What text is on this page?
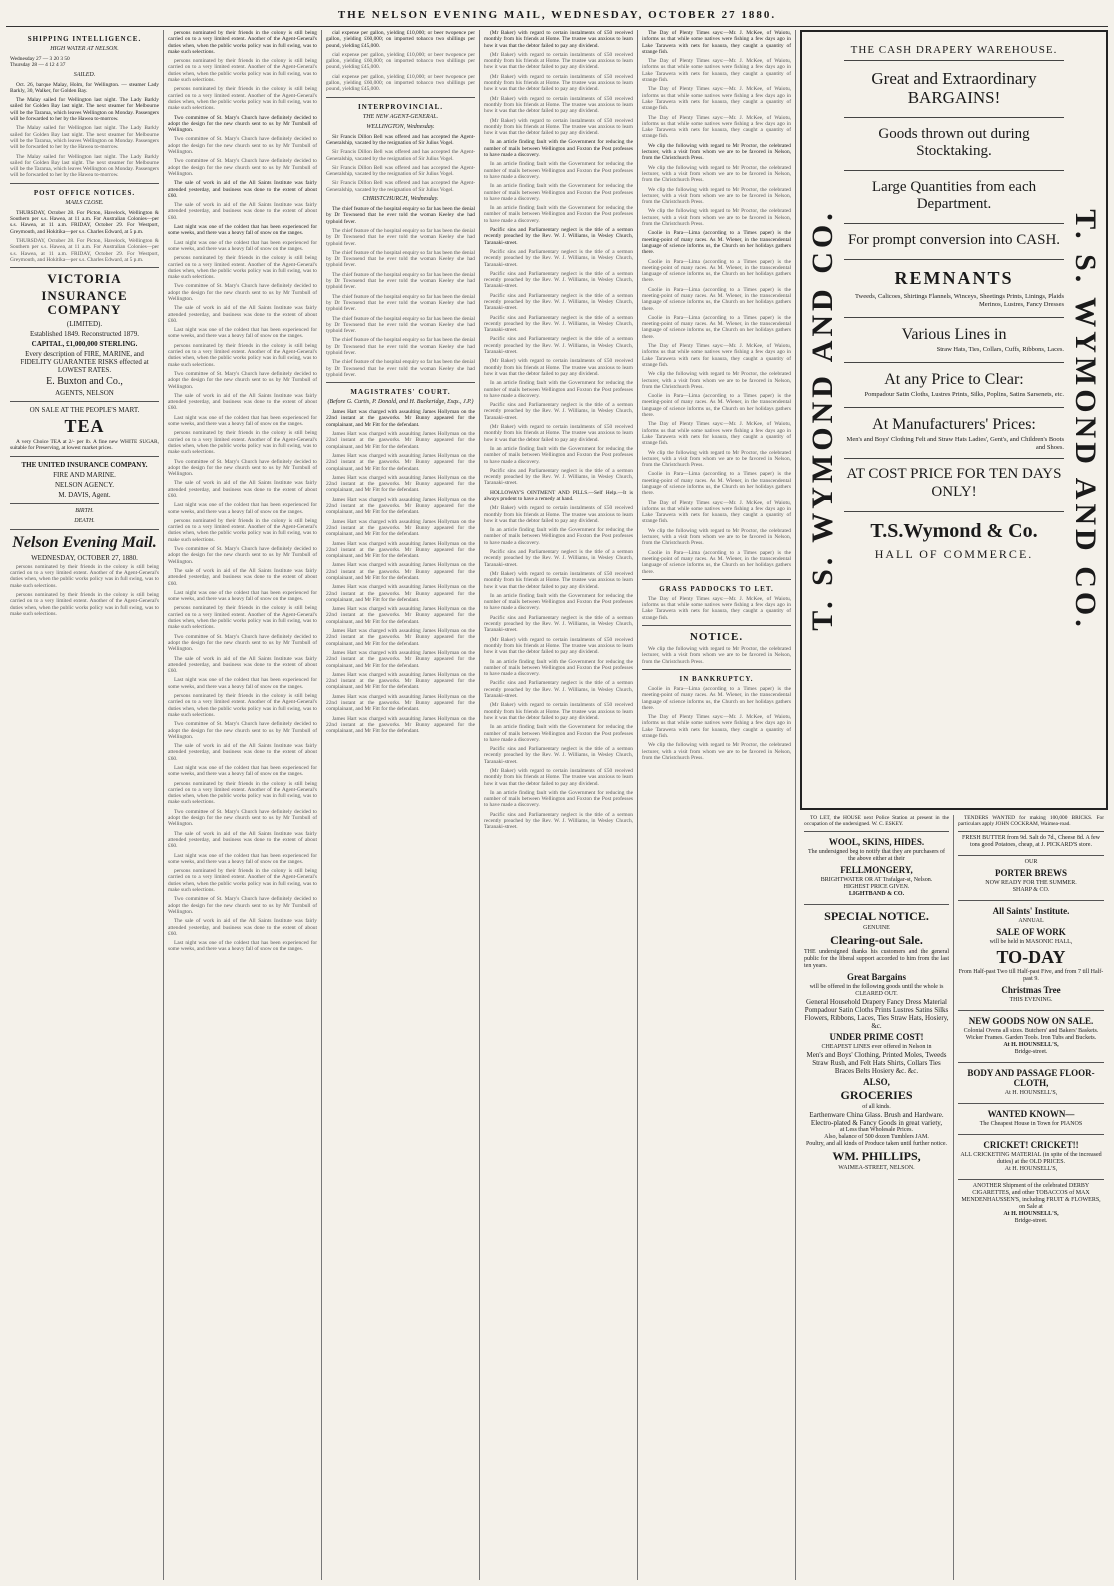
THE NELSON EVENING MAIL, WEDNESDAY, OCTOBER 27 1880.
SHIPPING INTELLIGENCE.
HIGH WATER AT NELSON.
Wednesday 27 — 3 20 3 50
Thursday 28 — 4 12 4 37
SAILED.

Oct. 26, barque Malay, Holm, for Wellington. — steamer Lady Barkly, 30, Walker, for Golden Bay.

The Malay sailed for Wellington last night. The Lady Barkly sailed for Golden Bay last night. The next steamer for Melbourne will be the Tararua, which leaves Wellington on Monday. Passengers will be forwarded to her by the Hawea to-morrow.

The Malay sailed for Wellington last night. The Lady Barkly sailed for Golden Bay last night. The next steamer for Melbourne will be the Tararua, which leaves Wellington on Monday. Passengers will be forwarded to her by the Hawea to-morrow.

The Malay sailed for Wellington last night. The Lady Barkly sailed for Golden Bay last night. The next steamer for Melbourne will be the Tararua, which leaves Wellington on Monday. Passengers will be forwarded to her by the Hawea to-morrow.

POST OFFICE NOTICES.
MAILS CLOSE.

THURSDAY, October 28. For Picton, Havelock, Wellington & Southern per s.s. Hawea, at 11 a.m. For Australian Colonies—per s.s. Hawea, at 11 a.m. FRIDAY, October 29. For Westport, Greymouth, and Hokitika—per s.s. Charles Edward, at 5 p.m.

THURSDAY, October 28. For Picton, Havelock, Wellington & Southern per s.s. Hawea, at 11 a.m. For Australian Colonies—per s.s. Hawea, at 11 a.m. FRIDAY, October 29. For Westport, Greymouth, and Hokitika—per s.s. Charles Edward, at 5 p.m.

VICTORIA
INSURANCE COMPANY
(LIMITED).
Established 1849. Reconstructed 1879.
CAPITAL, £1,000,000 STERLING.
Every description of FIRE, MARINE, and FIDELITY GUARANTEE RISKS effected at LOWEST RATES.
E. Buxton and Co.,
AGENTS, NELSON
ON SALE AT THE PEOPLE'S MART.
TEA

A very Choice TEA at 2/- per lb. A fine new WHITE SUGAR, suitable for Preserving, at lowest market prices.

THE UNITED INSURANCE COMPANY.
FIRE AND MARINE.
NELSON AGENCY.
M. DAVIS, Agent.
BIRTH.
DEATH.
Nelson Evening Mail.
WEDNESDAY, OCTOBER 27, 1880.

persons nominated by their friends in the colony is still being carried on to a very limited extent. Another of the Agent-General's duties when, when the public works policy was in full swing, was to make such selections.

persons nominated by their friends in the colony is still being carried on to a very limited extent. Another of the Agent-General's duties when, when the public works policy was in full swing, was to make such selections.

persons nominated by their friends in the colony is still being carried on to a very limited extent. Another of the Agent-General's duties when, when the public works policy was in full swing, was to make such selections.

persons nominated by their friends in the colony is still being carried on to a very limited extent. Another of the Agent-General's duties when, when the public works policy was in full swing, was to make such selections.

persons nominated by their friends in the colony is still being carried on to a very limited extent. Another of the Agent-General's duties when, when the public works policy was in full swing, was to make such selections.

Two committee of St. Mary's Church have definitely decided to adopt the design for the new church sent to us by Mr Turnbull of Wellington.

Two committee of St. Mary's Church have definitely decided to adopt the design for the new church sent to us by Mr Turnbull of Wellington.

Two committee of St. Mary's Church have definitely decided to adopt the design for the new church sent to us by Mr Turnbull of Wellington.

The sale of work in aid of the All Saints Institute was fairly attended yesterday, and business was done to the extent of about £60.

The sale of work in aid of the All Saints Institute was fairly attended yesterday, and business was done to the extent of about £60.

Last night was one of the coldest that has been experienced for some weeks, and there was a heavy fall of snow on the ranges.

Last night was one of the coldest that has been experienced for some weeks, and there was a heavy fall of snow on the ranges.

persons nominated by their friends in the colony is still being carried on to a very limited extent. Another of the Agent-General's duties when, when the public works policy was in full swing, was to make such selections.

Two committee of St. Mary's Church have definitely decided to adopt the design for the new church sent to us by Mr Turnbull of Wellington.

The sale of work in aid of the All Saints Institute was fairly attended yesterday, and business was done to the extent of about £60.

Last night was one of the coldest that has been experienced for some weeks, and there was a heavy fall of snow on the ranges.

persons nominated by their friends in the colony is still being carried on to a very limited extent. Another of the Agent-General's duties when, when the public works policy was in full swing, was to make such selections.

Two committee of St. Mary's Church have definitely decided to adopt the design for the new church sent to us by Mr Turnbull of Wellington.

The sale of work in aid of the All Saints Institute was fairly attended yesterday, and business was done to the extent of about £60.

Last night was one of the coldest that has been experienced for some weeks, and there was a heavy fall of snow on the ranges.

persons nominated by their friends in the colony is still being carried on to a very limited extent. Another of the Agent-General's duties when, when the public works policy was in full swing, was to make such selections.

Two committee of St. Mary's Church have definitely decided to adopt the design for the new church sent to us by Mr Turnbull of Wellington.

The sale of work in aid of the All Saints Institute was fairly attended yesterday, and business was done to the extent of about £60.

Last night was one of the coldest that has been experienced for some weeks, and there was a heavy fall of snow on the ranges.

persons nominated by their friends in the colony is still being carried on to a very limited extent. Another of the Agent-General's duties when, when the public works policy was in full swing, was to make such selections.

Two committee of St. Mary's Church have definitely decided to adopt the design for the new church sent to us by Mr Turnbull of Wellington.

The sale of work in aid of the All Saints Institute was fairly attended yesterday, and business was done to the extent of about £60.

Last night was one of the coldest that has been experienced for some weeks, and there was a heavy fall of snow on the ranges.

persons nominated by their friends in the colony is still being carried on to a very limited extent. Another of the Agent-General's duties when, when the public works policy was in full swing, was to make such selections.

Two committee of St. Mary's Church have definitely decided to adopt the design for the new church sent to us by Mr Turnbull of Wellington.

The sale of work in aid of the All Saints Institute was fairly attended yesterday, and business was done to the extent of about £60.

Last night was one of the coldest that has been experienced for some weeks, and there was a heavy fall of snow on the ranges.

persons nominated by their friends in the colony is still being carried on to a very limited extent. Another of the Agent-General's duties when, when the public works policy was in full swing, was to make such selections.

Two committee of St. Mary's Church have definitely decided to adopt the design for the new church sent to us by Mr Turnbull of Wellington.

The sale of work in aid of the All Saints Institute was fairly attended yesterday, and business was done to the extent of about £60.

Last night was one of the coldest that has been experienced for some weeks, and there was a heavy fall of snow on the ranges.

persons nominated by their friends in the colony is still being carried on to a very limited extent. Another of the Agent-General's duties when, when the public works policy was in full swing, was to make such selections.

Two committee of St. Mary's Church have definitely decided to adopt the design for the new church sent to us by Mr Turnbull of Wellington.

The sale of work in aid of the All Saints Institute was fairly attended yesterday, and business was done to the extent of about £60.

Last night was one of the coldest that has been experienced for some weeks, and there was a heavy fall of snow on the ranges.

persons nominated by their friends in the colony is still being carried on to a very limited extent. Another of the Agent-General's duties when, when the public works policy was in full swing, was to make such selections.

Two committee of St. Mary's Church have definitely decided to adopt the design for the new church sent to us by Mr Turnbull of Wellington.

The sale of work in aid of the All Saints Institute was fairly attended yesterday, and business was done to the extent of about £60.

Last night was one of the coldest that has been experienced for some weeks, and there was a heavy fall of snow on the ranges.

cial expense per gallon, yielding £10,000; or beer twopence per gallon, yielding £60,000; on imported tobacco two shillings per pound, yielding £45,000.

cial expense per gallon, yielding £10,000; or beer twopence per gallon, yielding £60,000; on imported tobacco two shillings per pound, yielding £45,000.

cial expense per gallon, yielding £10,000; or beer twopence per gallon, yielding £60,000; on imported tobacco two shillings per pound, yielding £45,000.

INTERPROVINCIAL.
THE NEW AGENT-GENERAL.
WELLINGTON, Wednesday.

Sir Francis Dillon Bell was offered and has accepted the Agent-Generalship, vacated by the resignation of Sir Julius Vogel.

Sir Francis Dillon Bell was offered and has accepted the Agent-Generalship, vacated by the resignation of Sir Julius Vogel.

Sir Francis Dillon Bell was offered and has accepted the Agent-Generalship, vacated by the resignation of Sir Julius Vogel.

Sir Francis Dillon Bell was offered and has accepted the Agent-Generalship, vacated by the resignation of Sir Julius Vogel.

CHRISTCHURCH, Wednesday.

The chief feature of the hospital enquiry so far has been the denial by Dr Townsend that he ever told the woman Keeley she had typhoid fever.

The chief feature of the hospital enquiry so far has been the denial by Dr Townsend that he ever told the woman Keeley she had typhoid fever.

The chief feature of the hospital enquiry so far has been the denial by Dr Townsend that he ever told the woman Keeley she had typhoid fever.

The chief feature of the hospital enquiry so far has been the denial by Dr Townsend that he ever told the woman Keeley she had typhoid fever.

The chief feature of the hospital enquiry so far has been the denial by Dr Townsend that he ever told the woman Keeley she had typhoid fever.

The chief feature of the hospital enquiry so far has been the denial by Dr Townsend that he ever told the woman Keeley she had typhoid fever.

The chief feature of the hospital enquiry so far has been the denial by Dr Townsend that he ever told the woman Keeley she had typhoid fever.

The chief feature of the hospital enquiry so far has been the denial by Dr Townsend that he ever told the woman Keeley she had typhoid fever.

MAGISTRATES' COURT.
(Before G. Curtis, P. Donald, and H. Buckeridge, Esqs., J.P.)

James Hart was charged with assaulting James Hollyman on the 22nd instant at the gasworks. Mr Bunny appeared for the complainant, and Mr Fitt for the defendant.

James Hart was charged with assaulting James Hollyman on the 22nd instant at the gasworks. Mr Bunny appeared for the complainant, and Mr Fitt for the defendant.

James Hart was charged with assaulting James Hollyman on the 22nd instant at the gasworks. Mr Bunny appeared for the complainant, and Mr Fitt for the defendant.

James Hart was charged with assaulting James Hollyman on the 22nd instant at the gasworks. Mr Bunny appeared for the complainant, and Mr Fitt for the defendant.

James Hart was charged with assaulting James Hollyman on the 22nd instant at the gasworks. Mr Bunny appeared for the complainant, and Mr Fitt for the defendant.

James Hart was charged with assaulting James Hollyman on the 22nd instant at the gasworks. Mr Bunny appeared for the complainant, and Mr Fitt for the defendant.

James Hart was charged with assaulting James Hollyman on the 22nd instant at the gasworks. Mr Bunny appeared for the complainant, and Mr Fitt for the defendant.

James Hart was charged with assaulting James Hollyman on the 22nd instant at the gasworks. Mr Bunny appeared for the complainant, and Mr Fitt for the defendant.

James Hart was charged with assaulting James Hollyman on the 22nd instant at the gasworks. Mr Bunny appeared for the complainant, and Mr Fitt for the defendant.

James Hart was charged with assaulting James Hollyman on the 22nd instant at the gasworks. Mr Bunny appeared for the complainant, and Mr Fitt for the defendant.

James Hart was charged with assaulting James Hollyman on the 22nd instant at the gasworks. Mr Bunny appeared for the complainant, and Mr Fitt for the defendant.

James Hart was charged with assaulting James Hollyman on the 22nd instant at the gasworks. Mr Bunny appeared for the complainant, and Mr Fitt for the defendant.

James Hart was charged with assaulting James Hollyman on the 22nd instant at the gasworks. Mr Bunny appeared for the complainant, and Mr Fitt for the defendant.

James Hart was charged with assaulting James Hollyman on the 22nd instant at the gasworks. Mr Bunny appeared for the complainant, and Mr Fitt for the defendant.

James Hart was charged with assaulting James Hollyman on the 22nd instant at the gasworks. Mr Bunny appeared for the complainant, and Mr Fitt for the defendant.

(Mr Baker) with regard to certain instalments of £50 received monthly from his friends at Home. The trustee was anxious to learn how it was that the debtor failed to pay any dividend.

(Mr Baker) with regard to certain instalments of £50 received monthly from his friends at Home. The trustee was anxious to learn how it was that the debtor failed to pay any dividend.

(Mr Baker) with regard to certain instalments of £50 received monthly from his friends at Home. The trustee was anxious to learn how it was that the debtor failed to pay any dividend.

(Mr Baker) with regard to certain instalments of £50 received monthly from his friends at Home. The trustee was anxious to learn how it was that the debtor failed to pay any dividend.

(Mr Baker) with regard to certain instalments of £50 received monthly from his friends at Home. The trustee was anxious to learn how it was that the debtor failed to pay any dividend.

In an article finding fault with the Government for reducing the number of mails between Wellington and Foxton the Post professes to have made a discovery.

In an article finding fault with the Government for reducing the number of mails between Wellington and Foxton the Post professes to have made a discovery.

In an article finding fault with the Government for reducing the number of mails between Wellington and Foxton the Post professes to have made a discovery.

In an article finding fault with the Government for reducing the number of mails between Wellington and Foxton the Post professes to have made a discovery.

Pacific sins and Parliamentary neglect is the title of a sermon recently preached by the Rev. W. J. Williams, in Wesley Church, Taranaki-street.

Pacific sins and Parliamentary neglect is the title of a sermon recently preached by the Rev. W. J. Williams, in Wesley Church, Taranaki-street.

Pacific sins and Parliamentary neglect is the title of a sermon recently preached by the Rev. W. J. Williams, in Wesley Church, Taranaki-street.

Pacific sins and Parliamentary neglect is the title of a sermon recently preached by the Rev. W. J. Williams, in Wesley Church, Taranaki-street.

Pacific sins and Parliamentary neglect is the title of a sermon recently preached by the Rev. W. J. Williams, in Wesley Church, Taranaki-street.

Pacific sins and Parliamentary neglect is the title of a sermon recently preached by the Rev. W. J. Williams, in Wesley Church, Taranaki-street.

(Mr Baker) with regard to certain instalments of £50 received monthly from his friends at Home. The trustee was anxious to learn how it was that the debtor failed to pay any dividend.

In an article finding fault with the Government for reducing the number of mails between Wellington and Foxton the Post professes to have made a discovery.

Pacific sins and Parliamentary neglect is the title of a sermon recently preached by the Rev. W. J. Williams, in Wesley Church, Taranaki-street.

(Mr Baker) with regard to certain instalments of £50 received monthly from his friends at Home. The trustee was anxious to learn how it was that the debtor failed to pay any dividend.

In an article finding fault with the Government for reducing the number of mails between Wellington and Foxton the Post professes to have made a discovery.

Pacific sins and Parliamentary neglect is the title of a sermon recently preached by the Rev. W. J. Williams, in Wesley Church, Taranaki-street.

HOLLOWAY'S OINTMENT AND PILLS.—Self Help.—It is always prudent to have a remedy at hand.

(Mr Baker) with regard to certain instalments of £50 received monthly from his friends at Home. The trustee was anxious to learn how it was that the debtor failed to pay any dividend.

In an article finding fault with the Government for reducing the number of mails between Wellington and Foxton the Post professes to have made a discovery.

Pacific sins and Parliamentary neglect is the title of a sermon recently preached by the Rev. W. J. Williams, in Wesley Church, Taranaki-street.

(Mr Baker) with regard to certain instalments of £50 received monthly from his friends at Home. The trustee was anxious to learn how it was that the debtor failed to pay any dividend.

In an article finding fault with the Government for reducing the number of mails between Wellington and Foxton the Post professes to have made a discovery.

Pacific sins and Parliamentary neglect is the title of a sermon recently preached by the Rev. W. J. Williams, in Wesley Church, Taranaki-street.

(Mr Baker) with regard to certain instalments of £50 received monthly from his friends at Home. The trustee was anxious to learn how it was that the debtor failed to pay any dividend.

In an article finding fault with the Government for reducing the number of mails between Wellington and Foxton the Post professes to have made a discovery.

Pacific sins and Parliamentary neglect is the title of a sermon recently preached by the Rev. W. J. Williams, in Wesley Church, Taranaki-street.

(Mr Baker) with regard to certain instalments of £50 received monthly from his friends at Home. The trustee was anxious to learn how it was that the debtor failed to pay any dividend.

In an article finding fault with the Government for reducing the number of mails between Wellington and Foxton the Post professes to have made a discovery.

Pacific sins and Parliamentary neglect is the title of a sermon recently preached by the Rev. W. J. Williams, in Wesley Church, Taranaki-street.

(Mr Baker) with regard to certain instalments of £50 received monthly from his friends at Home. The trustee was anxious to learn how it was that the debtor failed to pay any dividend.

In an article finding fault with the Government for reducing the number of mails between Wellington and Foxton the Post professes to have made a discovery.

Pacific sins and Parliamentary neglect is the title of a sermon recently preached by the Rev. W. J. Williams, in Wesley Church, Taranaki-street.

The Day of Plenty Times says:—Mr. J. McKee, of Waiotu, informs us that while some natives were fishing a few days ago in Lake Tarawera with nets for koaura, they caught a quantity of strange fish.

The Day of Plenty Times says:—Mr. J. McKee, of Waiotu, informs us that while some natives were fishing a few days ago in Lake Tarawera with nets for koaura, they caught a quantity of strange fish.

The Day of Plenty Times says:—Mr. J. McKee, of Waiotu, informs us that while some natives were fishing a few days ago in Lake Tarawera with nets for koaura, they caught a quantity of strange fish.

The Day of Plenty Times says:—Mr. J. McKee, of Waiotu, informs us that while some natives were fishing a few days ago in Lake Tarawera with nets for koaura, they caught a quantity of strange fish.

We clip the following with regard to Mr Proctor, the celebrated lecturer, with a visit from whom we are to be favored in Nelson, from the Christchurch Press.

We clip the following with regard to Mr Proctor, the celebrated lecturer, with a visit from whom we are to be favored in Nelson, from the Christchurch Press.

We clip the following with regard to Mr Proctor, the celebrated lecturer, with a visit from whom we are to be favored in Nelson, from the Christchurch Press.

We clip the following with regard to Mr Proctor, the celebrated lecturer, with a visit from whom we are to be favored in Nelson, from the Christchurch Press.

Coolie in Para—Lima (according to a Times paper) is the meeting-point of many races. As M. Wiener, in the transcendental language of science informs us, the Church on her holidays gathers there.

Coolie in Para—Lima (according to a Times paper) is the meeting-point of many races. As M. Wiener, in the transcendental language of science informs us, the Church on her holidays gathers there.

Coolie in Para—Lima (according to a Times paper) is the meeting-point of many races. As M. Wiener, in the transcendental language of science informs us, the Church on her holidays gathers there.

Coolie in Para—Lima (according to a Times paper) is the meeting-point of many races. As M. Wiener, in the transcendental language of science informs us, the Church on her holidays gathers there.

The Day of Plenty Times says:—Mr. J. McKee, of Waiotu, informs us that while some natives were fishing a few days ago in Lake Tarawera with nets for koaura, they caught a quantity of strange fish.

We clip the following with regard to Mr Proctor, the celebrated lecturer, with a visit from whom we are to be favored in Nelson, from the Christchurch Press.

Coolie in Para—Lima (according to a Times paper) is the meeting-point of many races. As M. Wiener, in the transcendental language of science informs us, the Church on her holidays gathers there.

The Day of Plenty Times says:—Mr. J. McKee, of Waiotu, informs us that while some natives were fishing a few days ago in Lake Tarawera with nets for koaura, they caught a quantity of strange fish.

We clip the following with regard to Mr Proctor, the celebrated lecturer, with a visit from whom we are to be favored in Nelson, from the Christchurch Press.

Coolie in Para—Lima (according to a Times paper) is the meeting-point of many races. As M. Wiener, in the transcendental language of science informs us, the Church on her holidays gathers there.

The Day of Plenty Times says:—Mr. J. McKee, of Waiotu, informs us that while some natives were fishing a few days ago in Lake Tarawera with nets for koaura, they caught a quantity of strange fish.

We clip the following with regard to Mr Proctor, the celebrated lecturer, with a visit from whom we are to be favored in Nelson, from the Christchurch Press.

Coolie in Para—Lima (according to a Times paper) is the meeting-point of many races. As M. Wiener, in the transcendental language of science informs us, the Church on her holidays gathers there.

GRASS PADDOCKS TO LET.

The Day of Plenty Times says:—Mr. J. McKee, of Waiotu, informs us that while some natives were fishing a few days ago in Lake Tarawera with nets for koaura, they caught a quantity of strange fish.

NOTICE.

We clip the following with regard to Mr Proctor, the celebrated lecturer, with a visit from whom we are to be favored in Nelson, from the Christchurch Press.

IN BANKRUPTCY.

Coolie in Para—Lima (according to a Times paper) is the meeting-point of many races. As M. Wiener, in the transcendental language of science informs us, the Church on her holidays gathers there.

The Day of Plenty Times says:—Mr. J. McKee, of Waiotu, informs us that while some natives were fishing a few days ago in Lake Tarawera with nets for koaura, they caught a quantity of strange fish.

We clip the following with regard to Mr Proctor, the celebrated lecturer, with a visit from whom we are to be favored in Nelson, from the Christchurch Press.

T. S. WYMOND AND CO.	T. S. WYMOND AND CO.
THE CASH DRAPERY WAREHOUSE.
Great and Extraordinary BARGAINS!
Goods thrown out during Stocktaking.
Large Quantities from each Department.
For prompt conversion into CASH.
REMNANTS
Tweeds, Calicoes, Shirtings Flannels, Winceys, Sheetings Prints, Linings, Plaids Merinos, Lustres, Fancy Dresses
Various Lines in
Straw Hats, Ties, Collars, Cuffs, Ribbons, Laces.
At any Price to Clear:
Pompadour Satin Cloths, Lustres Prints, Silks, Poplins, Satins Sarsenets, etc.
At Manufacturers' Prices:
Men's and Boys' Clothing Felt and Straw Hats Ladies', Gent's, and Children's Boots and Shoes.
AT COST PRICE FOR TEN DAYS ONLY!
T.S.Wymond & Co.
HALL OF COMMERCE.

TO LET, the HOUSE next Police Station at present in the occupation of the undersigned. W. C. ESKEY.

WOOL, SKINS, HIDES.
The undersigned beg to notify that they are purchasers of the above either at their
FELLMONGERY,
BRIGHTWATER OR AT Trafalgar-st, Nelson.
HIGHEST PRICE GIVEN.
LIGHTBAND & CO.
SPECIAL NOTICE.
GENUINE
Clearing-out Sale.
THE undersigned thanks his customers and the general public for the liberal support accorded to him from the last ten years.
Great Bargains
will be offered in the following goods until the whole is CLEARED OUT.
General Household Drapery Fancy Dress Material Pompadour Satin Cloths Prints Lustres Satins Silks Flowers, Ribbons, Laces, Ties Straw Hats, Hosiery, &c.
UNDER PRIME COST!
CHEAPEST LINES ever offered in Nelson in
Men's and Boys' Clothing, Printed Moles, Tweeds Straw Rush, and Felt Hats Shirts, Collars Ties Braces Belts Hosiery &c. &c.
ALSO,
GROCERIES
of all kinds.
Earthenware China Glass. Brush and Hardware. Electro-plated & Fancy Goods in great variety,
at Less than Wholesale Prices.
Also, balance of 500 dozen Tumblers JAM.
Poultry, and all kinds of Produce taken until further notice.
WM. PHILLIPS,
WAIMEA-STREET, NELSON.

TENDERS WANTED for making 100,000 BRICKS. For particulars apply JOHN COCKRAM, Waimea-road.

FRESH BUTTER from 9d. Salt do 7d., Cheese 8d. A few tons good Potatoes, cheap, at J. PICKARD'S store.
OUR
PORTER BREWS
NOW READY FOR THE SUMMER.
SHARP & CO.
All Saints' Institute.
ANNUAL
SALE OF WORK
will be held in MASONIC HALL,
TO-DAY
From Half-past Two till Half-past Five, and from 7 till Half-past 9.
Christmas Tree
THIS EVENING.
NEW GOODS NOW ON SALE.
Colonial Ovens all sizes. Butchers' and Bakers' Baskets. Wicker Frames. Garden Tools. Iron Tubs and Buckets.
At H. HOUNSELL'S,
Bridge-street.
BODY AND PASSAGE FLOOR-CLOTH,
At H. HOUNSELL'S,
WANTED KNOWN—
The Cheapest House in Town for PIANOS
CRICKET! CRICKET!!
ALL CRICKETING MATERIAL (in spite of the increased duties) at the OLD PRICES.
At H. HOUNSELL'S,
ANOTHER Shipment of the celebrated DERBY CIGARETTES, and other TOBACCOS of MAX MENDENHAUSSEN'S, including FRUIT & FLOWERS, on Sale at
At H. HOUNSELL'S,
Bridge-street.
